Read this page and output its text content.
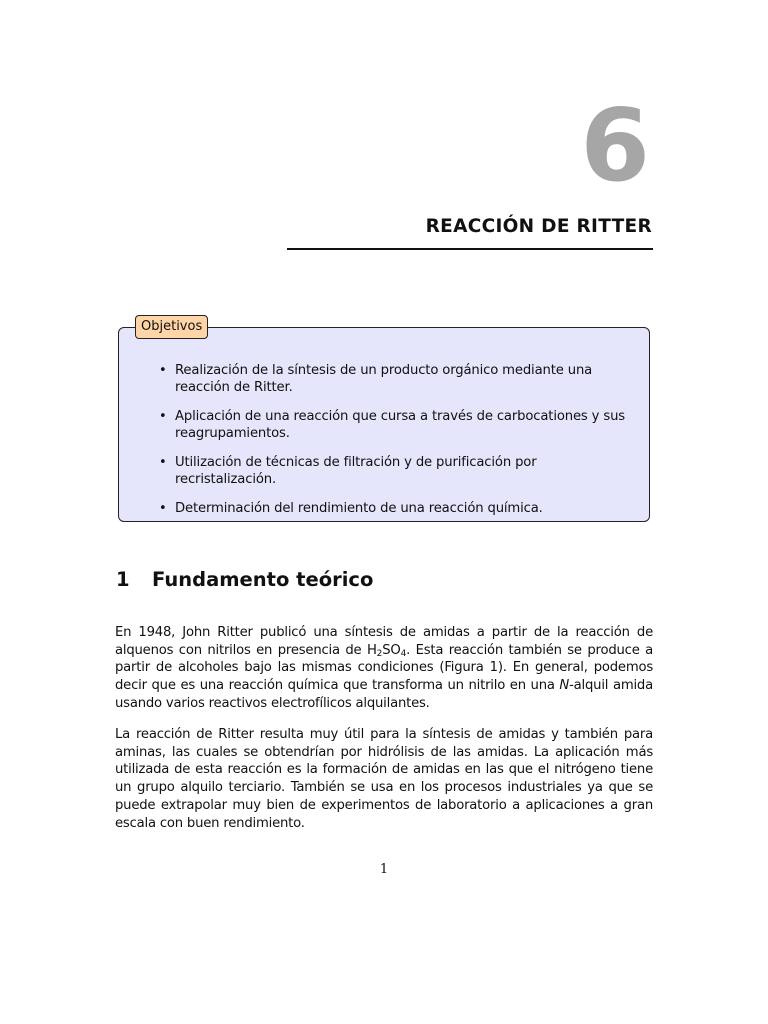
6
REACCIÓN DE RITTER
Objetivos
• Realización de la síntesis de un producto orgánico mediante una reacción de Ritter.
• Aplicación de una reacción que cursa a través de carbocationes y sus reagrupamientos.
• Utilización de técnicas de filtración y de purificación por recristalización.
• Determinación del rendimiento de una reacción química.
1 Fundamento teórico

En 1948, John Ritter publicó una síntesis de amidas a partir de la reacción de alquenos con nitrilos en presencia de $H_2SO_4$. Esta reacción también se produce a partir de alcoholes bajo las mismas condiciones (Figura 1). En general, podemos decir que es una reacción química que transforma un nitrilo en una N-alquil amida usando varios reactivos electrofílicos alquilantes.

La reacción de Ritter resulta muy útil para la síntesis de amidas y también para aminas, las cuales se obtendrían por hidrólisis de las amidas. La aplicación más utilizada de esta reacción es la formación de amidas en las que el nitrógeno tiene un grupo alquilo terciario. También se usa en los procesos industriales ya que se puede extrapolar muy bien de experimentos de laboratorio a aplicaciones a gran escala con buen rendimiento.

1
